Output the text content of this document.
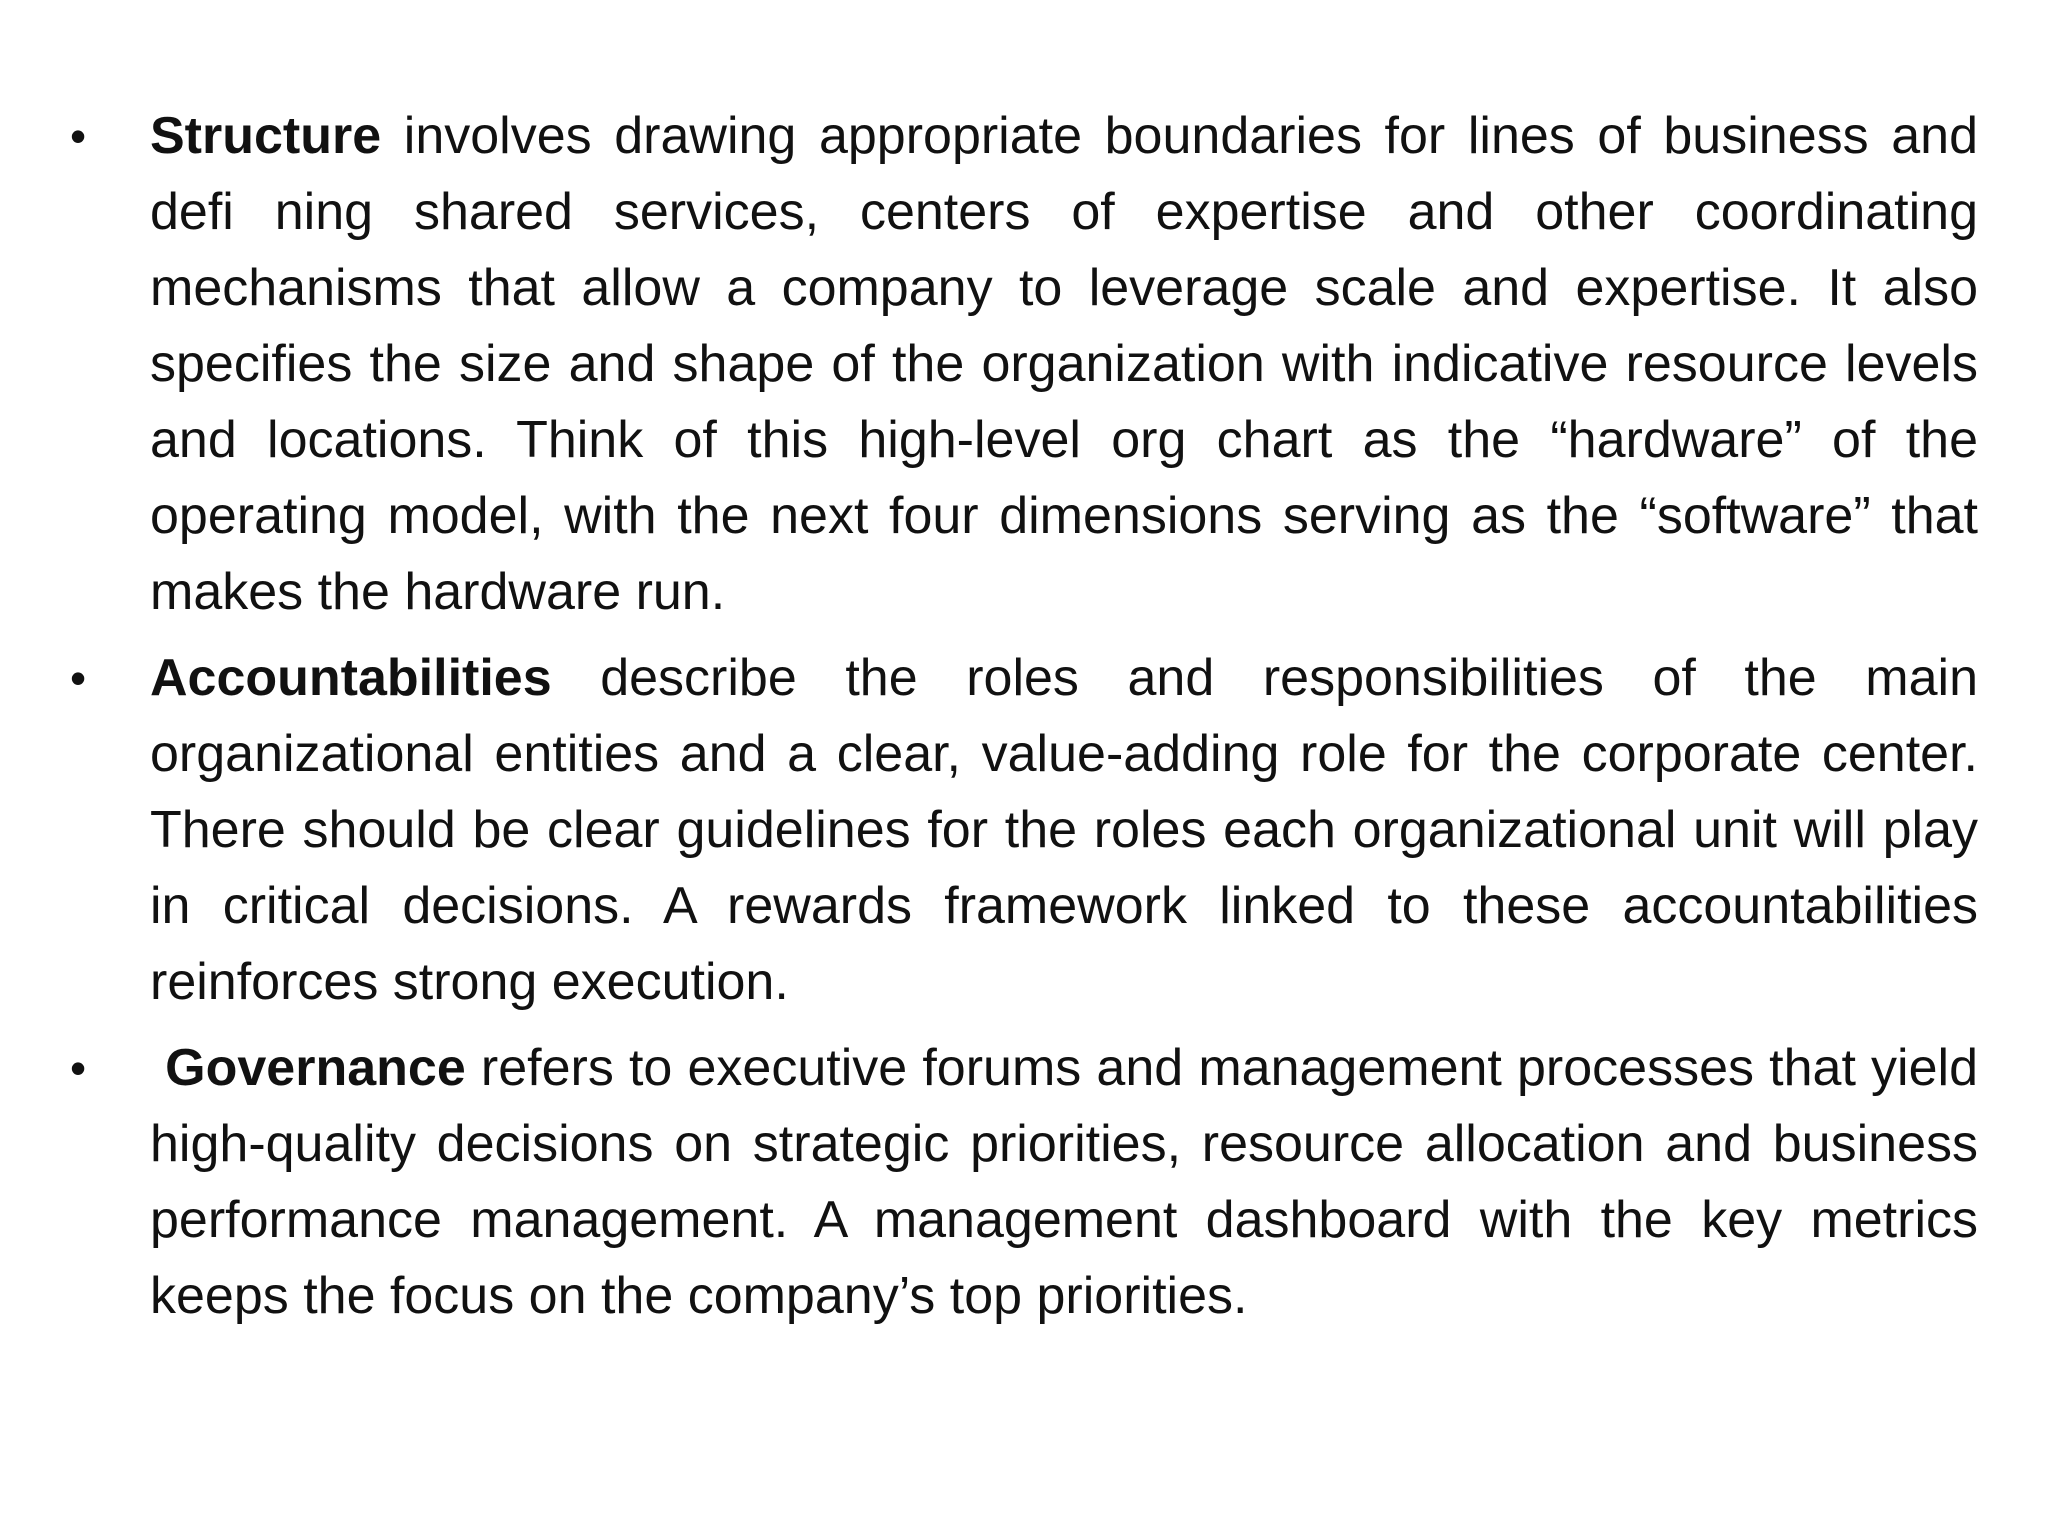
•	Structure involves drawing appropriate boundaries for lines of business and defi ning shared services, centers of expertise and other coordinating mechanisms that allow a company to leverage scale and expertise. It also specifies the size and shape of the organization with indicative resource levels and locations. Think of this high-level org chart as the “hardware” of the operating model, with the next four dimensions serving as the “software” that makes the hardware run.
•	Accountabilities describe the roles and responsibilities of the main organizational entities and a clear, value-adding role for the corporate center. There should be clear guidelines for the roles each organizational unit will play in critical decisions. A rewards framework linked to these accountabilities reinforces strong execution.
•	Governance refers to executive forums and management processes that yield high-quality decisions on strategic priorities, resource allocation and business performance management. A management dashboard with the key metrics keeps the focus on the company’s top priorities.
